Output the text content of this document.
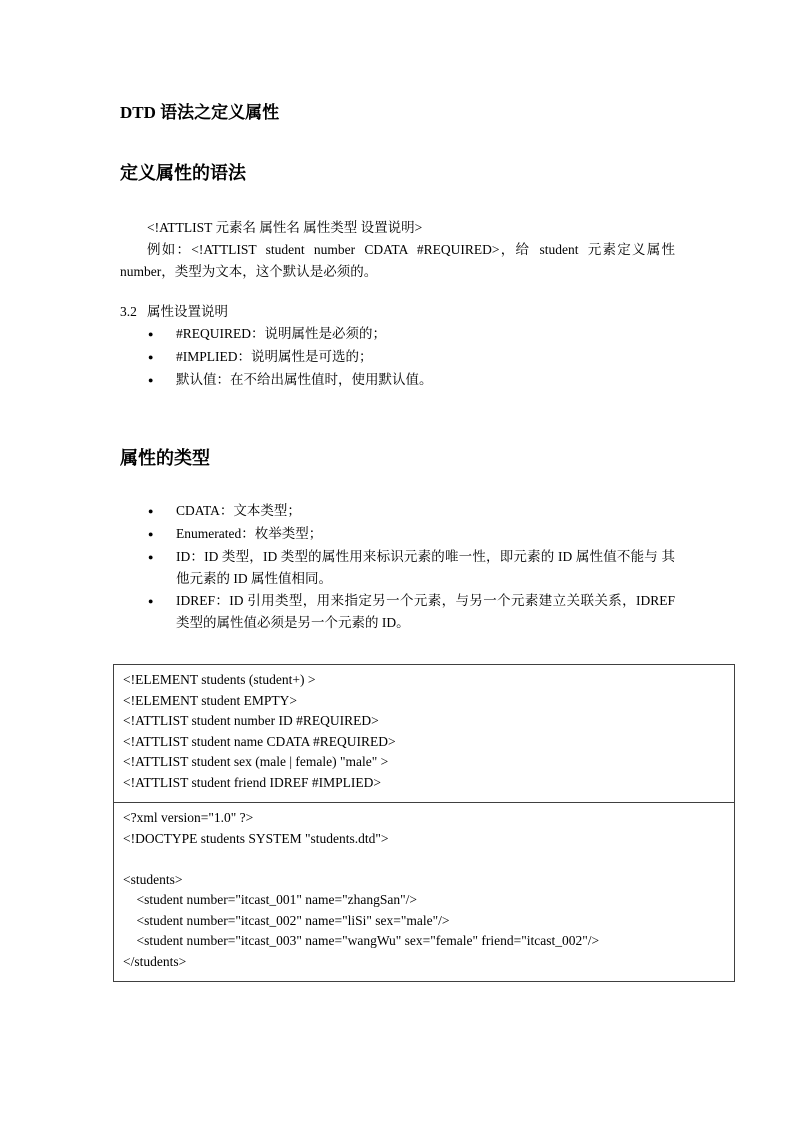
DTD 语法之定义属性
定义属性的语法

<!ATTLIST 元素名 属性名 属性类型 设置说明>

例如：<!ATTLIST  student  number  CDATA  #REQUIRED>，给  student  元素定义属性 number，类型为文本，这个默认是必须的。

3.2   属性设置说明
●
#REQUIRED：说明属性是必须的；
●
#IMPLIED：说明属性是可选的；
●
默认值：在不给出属性值时，使用默认值。
属性的类型
●
CDATA：文本类型；
●
Enumerated：枚举类型；
●
ID：ID 类型，ID 类型的属性用来标识元素的唯一性，即元素的 ID 属性值不能与 其他元素的 ID 属性值相同。
●
IDREF：ID 引用类型，用来指定另一个元素，与另一个元素建立关联关系，IDREF 类型的属性值必须是另一个元素的 ID。
<!ELEMENT students (student+) >
<!ELEMENT student EMPTY>
<!ATTLIST student number ID #REQUIRED>
<!ATTLIST student name CDATA #REQUIRED>
<!ATTLIST student sex (male | female) "male" >
<!ATTLIST student friend IDREF #IMPLIED>
<?xml version="1.0" ?>
<!DOCTYPE students SYSTEM "students.dtd">
<students>
<student number="itcast_001" name="zhangSan"/>
<student number="itcast_002" name="liSi" sex="male"/>
<student number="itcast_003" name="wangWu" sex="female" friend="itcast_002"/>
</students>
